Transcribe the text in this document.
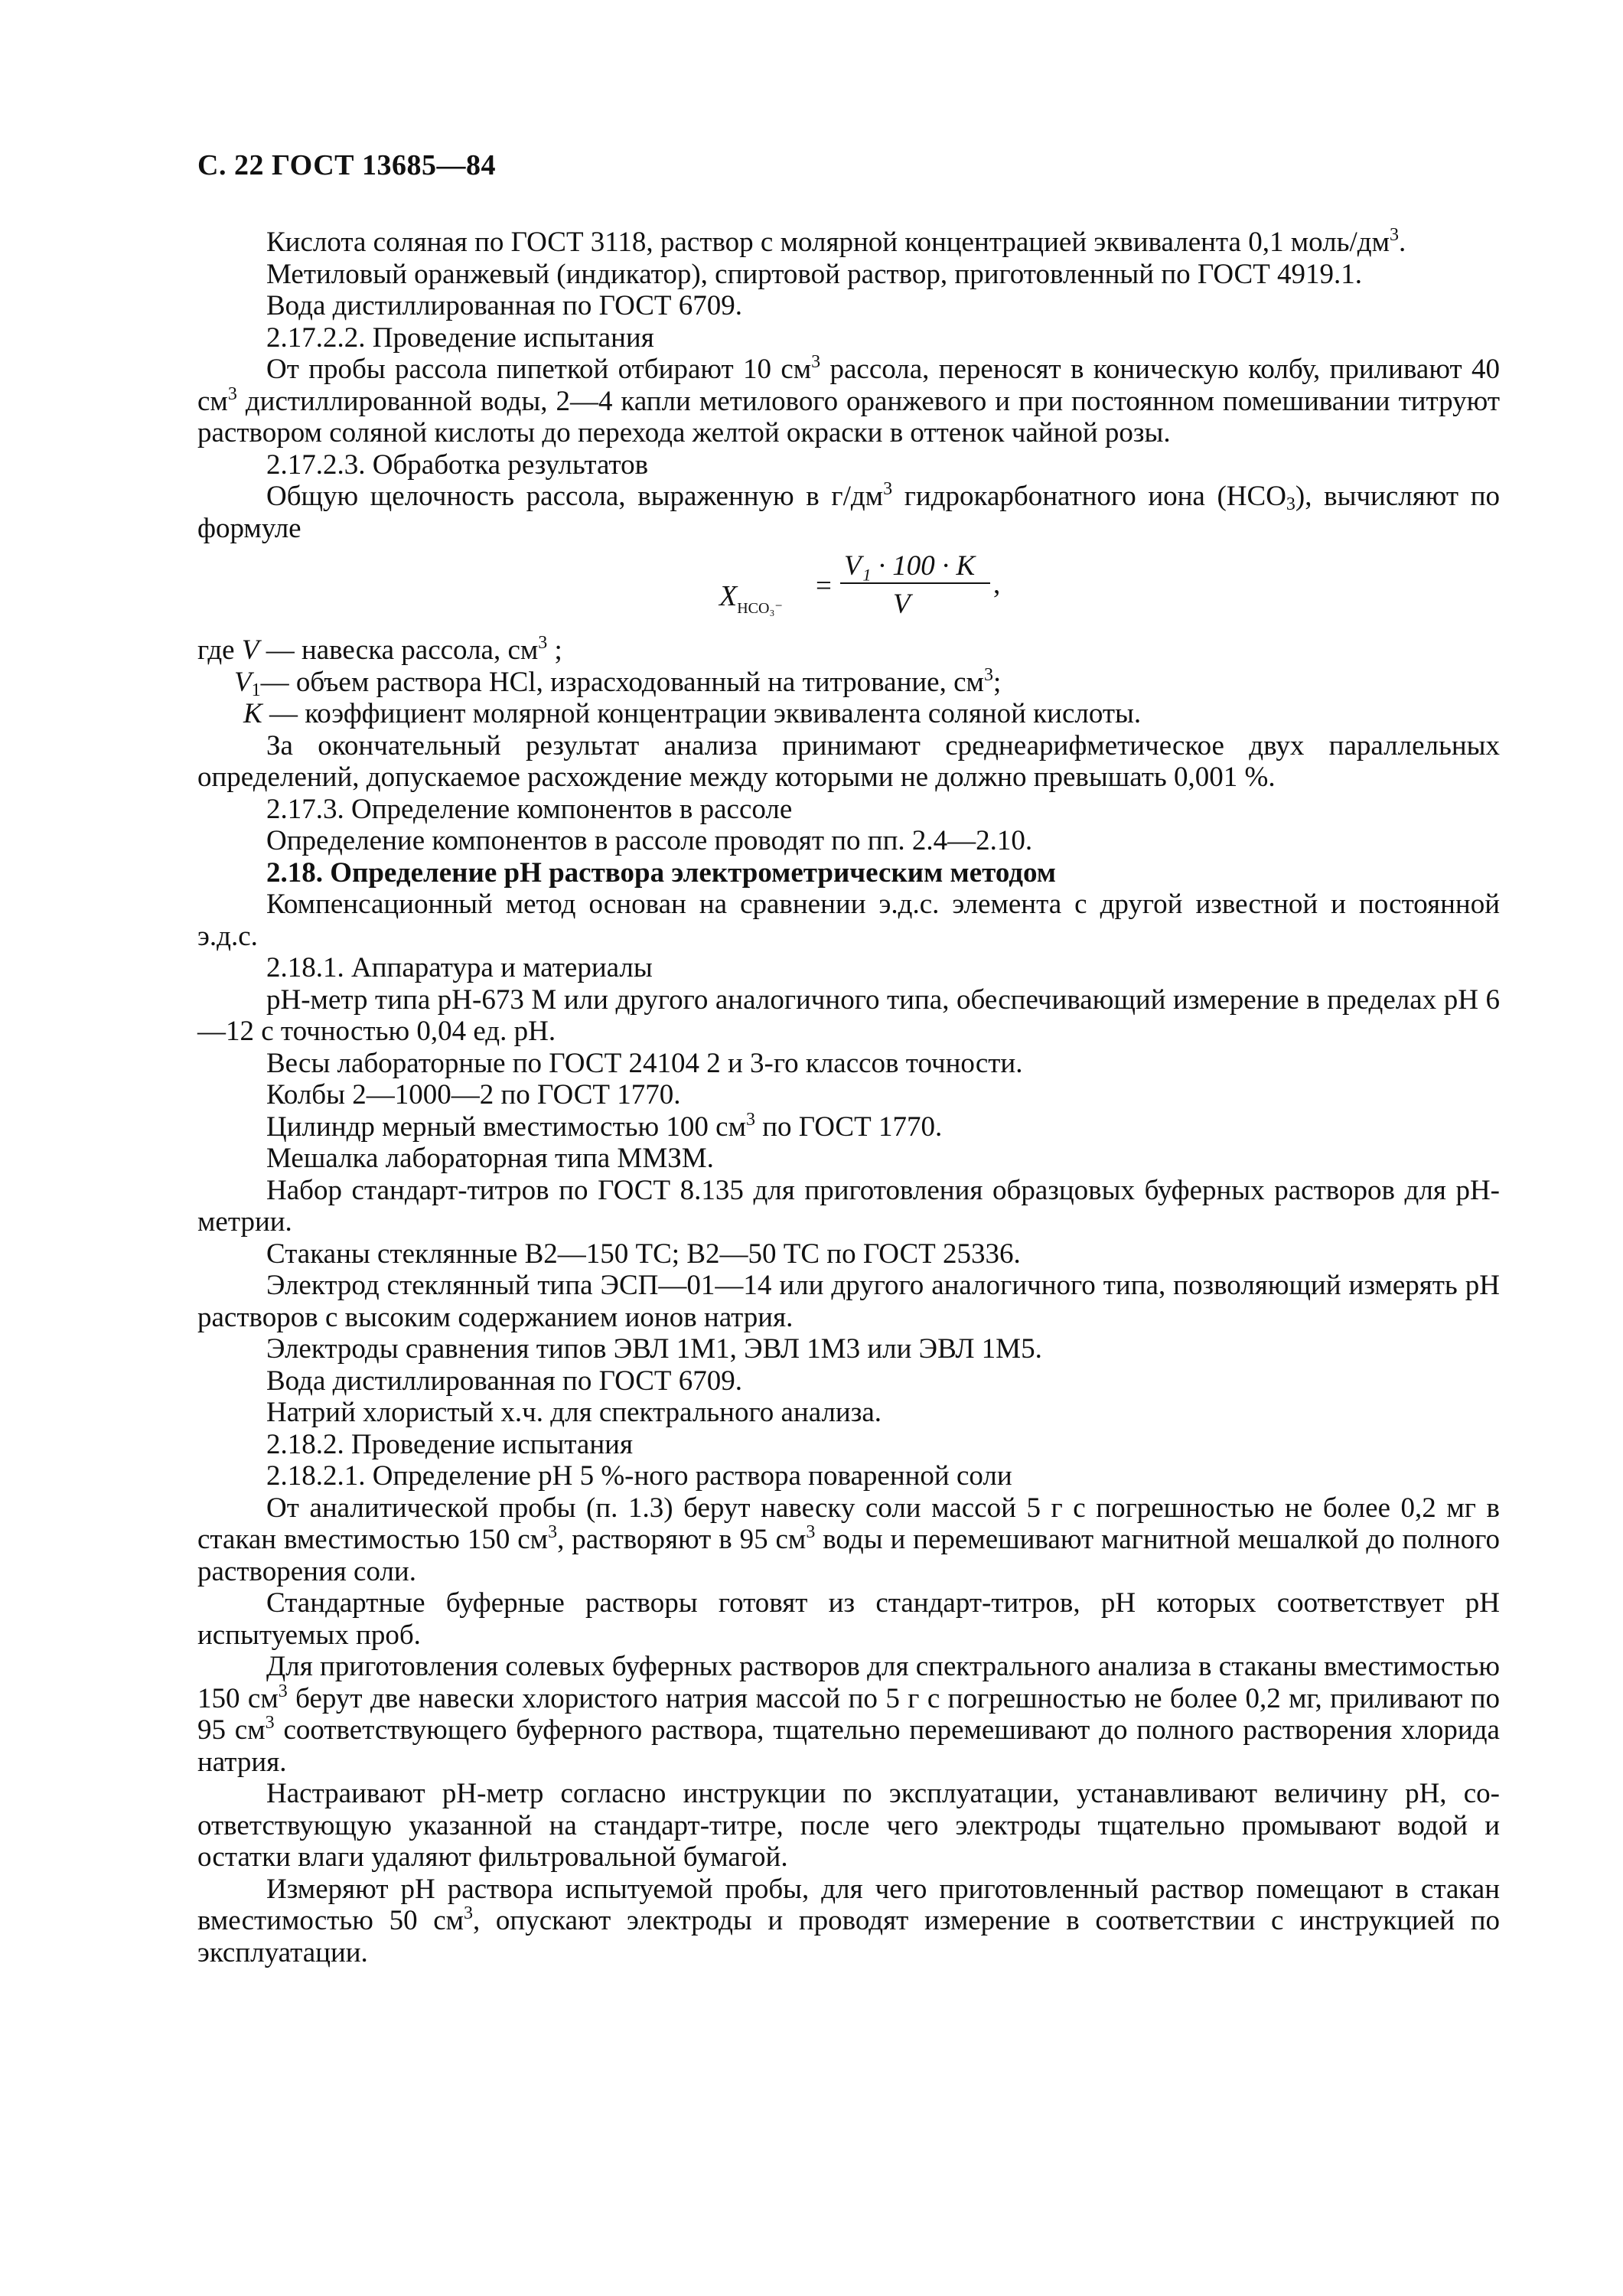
С. 22 ГОСТ 13685—84

Кислота соляная по ГОСТ 3118, раствор с молярной концентрацией эквивалента 0,1 моль/$дм^3$.

Метиловый оранжевый (индикатор), спиртовой раствор, приготовленный по ГОСТ 4919.1.

Вода дистиллированная по ГОСТ 6709.

2.17.2.2. Проведение испытания

От пробы рассола пипеткой отбирают 10 $см^3$ рассола, переносят в коническую колбу, приливают 40 $см^3$ дистиллированной воды, 2—4 капли метилового оранжевого и при постоянном помешивании титруют раствором соляной кислоты до перехода желтой окраски в оттенок чайной розы.

2.17.2.3. Обработка результатов

Общую щелочность рассола, выраженную в $г/дм^3$ гидрокарбонатного иона $(НСО_3)$, вычисляют по формуле

$X_{HCO_3^-}$
=
V₁ · 100 · K
V
,

где V — навеска рассола, $см^3$ ;

$V_1—$ объем раствора HCl, израсходованный на титрование, $см^3$;

K — коэффициент молярной концентрации эквивалента соляной кислоты.

За окончательный результат анализа принимают среднеарифметическое двух параллельных определений, допускаемое расхождение между которыми не должно превышать 0,001 %.

2.17.3. Определение компонентов в рассоле

Определение компонентов в рассоле проводят по пп. 2.4—2.10.

2.18. Определение рН раствора электрометрическим методом

Компенсационный метод основан на сравнении э.д.с. элемента с другой известной и постоянной э.д.с.

2.18.1. Аппаратура и материалы

рН-метр типа рН-673 М или другого аналогичного типа, обеспечивающий измерение в пределах рН 6—12 с точностью 0,04 ед. рН.

Весы лабораторные по ГОСТ 24104 2 и 3-го классов точности.

Колбы 2—1000—2 по ГОСТ 1770.

Цилиндр мерный вместимостью 100 $см^3$ по ГОСТ 1770.

Мешалка лабораторная типа ММЗМ.

Набор стандарт-титров по ГОСТ 8.135 для приготовления образцовых буферных растворов для рН-метрии.

Стаканы стеклянные В2—150 ТС; В2—50 ТС по ГОСТ 25336.

Электрод стеклянный типа ЭСП—01—14 или другого аналогичного типа, позволяющий измерять рН растворов с высоким содержанием ионов натрия.

Электроды сравнения типов ЭВЛ 1М1, ЭВЛ 1М3 или ЭВЛ 1М5.

Вода дистиллированная по ГОСТ 6709.

Натрий хлористый х.ч. для спектрального анализа.

2.18.2. Проведение испытания

2.18.2.1. Определение рН 5 %-ного раствора поваренной соли

От аналитической пробы (п. 1.3) берут навеску соли массой 5 г с погрешностью не более 0,2 мг в стакан вместимостью 150 $см^3$, растворяют в 95 $см^3$ воды и перемешивают магнитной мешалкой до полного растворения соли.

Стандартные буферные растворы готовят из стандарт-титров, рН которых соответствует рН испытуемых проб.

Для приготовления солевых буферных растворов для спектрального анализа в стаканы вместимостью 150 $см^3$ берут две навески хлористого натрия массой по 5 г с погрешностью не более 0,2 мг, приливают по 95 $см^3$ соответствующего буферного раствора, тщательно перемешивают до полного растворения хлорида натрия.

Настраивают рН-метр согласно инструкции по эксплуатации, устанавливают величину рН, соответствующую указанной на стандарт-титре, после чего электроды тщательно промывают водой и остатки влаги удаляют фильтровальной бумагой.

Измеряют рН раствора испытуемой пробы, для чего приготовленный раствор помещают в стакан вместимостью 50 $см^3$, опускают электроды и проводят измерение в соответствии с инструкцией по эксплуатации.
